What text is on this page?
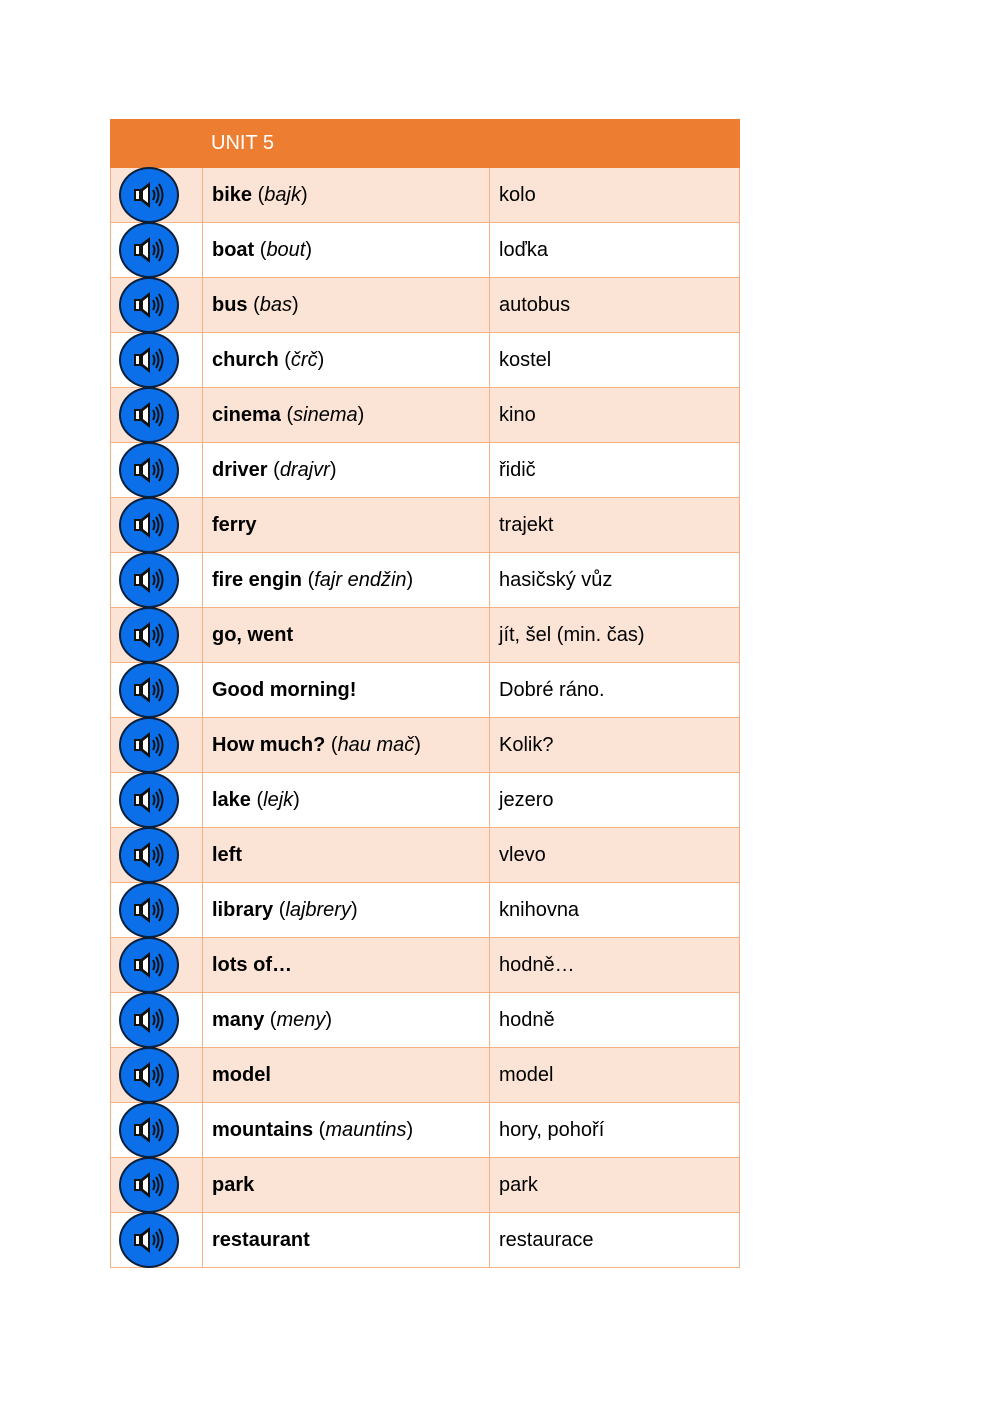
UNIT 5
bike ( bajk )	kolo
boat ( bout )	loďka
bus ( bas )	autobus
church ( črč )	kostel
cinema ( sinema )	kino
driver ( drajvr )	řidič
ferry	trajekt
fire engin ( fajr endžin )	hasičský vůz
go, went	jít, šel (min. čas)
Good morning!	Dobré ráno.
How much? ( hau mač )	Kolik?
lake ( lejk )	jezero
left	vlevo
library ( lajbrery )	knihovna
lots of…	hodně…
many ( meny )	hodně
model	model
mountains ( mauntins )	hory, pohoří
park	park
restaurant	restaurace
